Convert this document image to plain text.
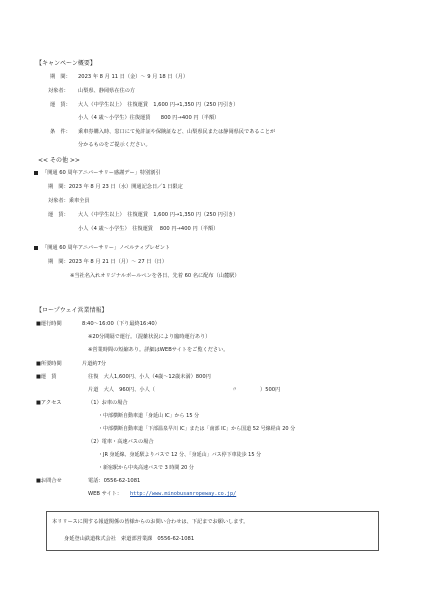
【キャンペーン概要】
期　間： 2023 年 8 月 11 日（金）～ 9 月 18 日（月）
対象者： 山梨県、静岡県在住の方
運　賃： 大人（中学生以上）　往復運賃　1,600 円→1,350 円（250 円引き）
小人（4 歳～小学生）往復運賃　　800 円→400 円（半額）
条　件： 乗車券購入時、窓口にて免許証や保険証など、山梨県民または静岡県民であることが
分かるものをご提示ください。
<< その他 >>
「開通 60 周年アニバーサリー感謝デー」特別割引
期　間：2023 年 8 月 23 日（水）開通記念日／1 日限定
対象者：乗車全員
運　賃： 大人（中学生以上）　往復運賃　1,600 円→1,350 円（250 円引き）
小人（4 歳～小学生）　往復運賃　 800 円→400 円（半額）
「開通 60 周年アニバーサリー」ノベルティプレゼント
期　間：2023 年 8 月 21 日（月）～ 27 日（日）
※当社名入れオリジナルボールペンを各日、先着 60 名に配布（山麓駅）
【ロープウェイ営業情報】
■運行時間	8:40～16:00（下り最終16:40）
※20分間隔で運行。（混雑状況により臨時運行あり）
※営業時間の短縮あり。詳細はWEBサイトをご覧ください。
■所要時間	片道約7分
■運　賃	往復　大人1,600円、小人（4歳～12歳未満）800円
片道　大人　960円、小人（	〃	）500円
■アクセス	（1）お車の場合
・中部横断自動車道「身延山 IC」から 15 分
・中部横断自動車道「下部温泉早川 IC」または「南部 IC」から国道 52 号線経由 20 分
（2）電車・高速バスの場合
・JR 身延線、身延駅よりバスで 12 分、「身延山」バス停下車徒歩 15 分
・新宿駅から中央高速バスで 3 時間 20 分
■お問合せ	電話：0556-62-1081
WEB サイト： http://www.minobusanropeway.co.jp/
本リリースに関する報道関係の皆様からのお問い合わせは、下記までお願いします。
身延登山鉄道株式会社　索道部営業課　0556-62-1081
